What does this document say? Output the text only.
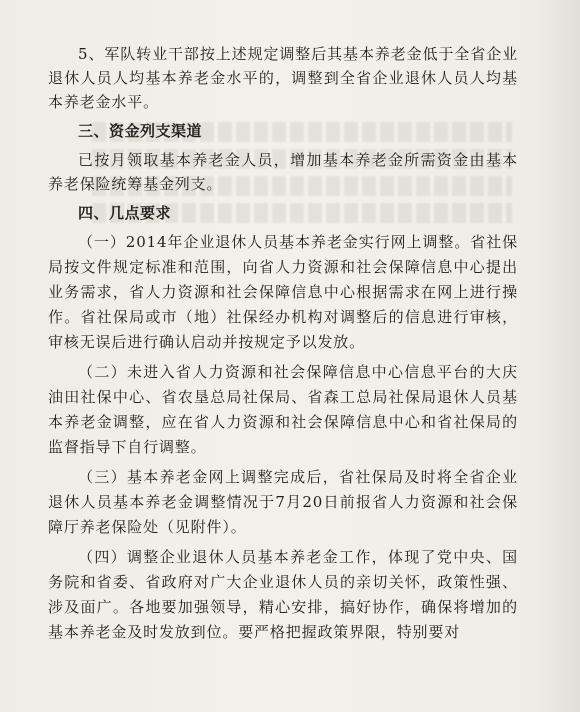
5、军队转业干部按上述规定调整后其基本养老金低于全省企业退休人员人均基本养老金水平的，调整到全省企业退休人员人均基本养老金水平。

三、资金列支渠道

已按月领取基本养老金人员，增加基本养老金所需资金由基本养老保险统筹基金列支。

四、几点要求

（一）2014年企业退休人员基本养老金实行网上调整。省社保局按文件规定标准和范围，向省人力资源和社会保障信息中心提出业务需求，省人力资源和社会保障信息中心根据需求在网上进行操作。省社保局或市（地）社保经办机构对调整后的信息进行审核，审核无误后进行确认启动并按规定予以发放。

（二）未进入省人力资源和社会保障信息中心信息平台的大庆油田社保中心、省农垦总局社保局、省森工总局社保局退休人员基本养老金调整，应在省人力资源和社会保障信息中心和省社保局的监督指导下自行调整。

（三）基本养老金网上调整完成后，省社保局及时将全省企业退休人员基本养老金调整情况于7月20日前报省人力资源和社会保障厅养老保险处（见附件）。

（四）调整企业退休人员基本养老金工作，体现了党中央、国务院和省委、省政府对广大企业退休人员的亲切关怀，政策性强、涉及面广。各地要加强领导，精心安排，搞好协作，确保将增加的基本养老金及时发放到位。要严格把握政策界限，特别要对
